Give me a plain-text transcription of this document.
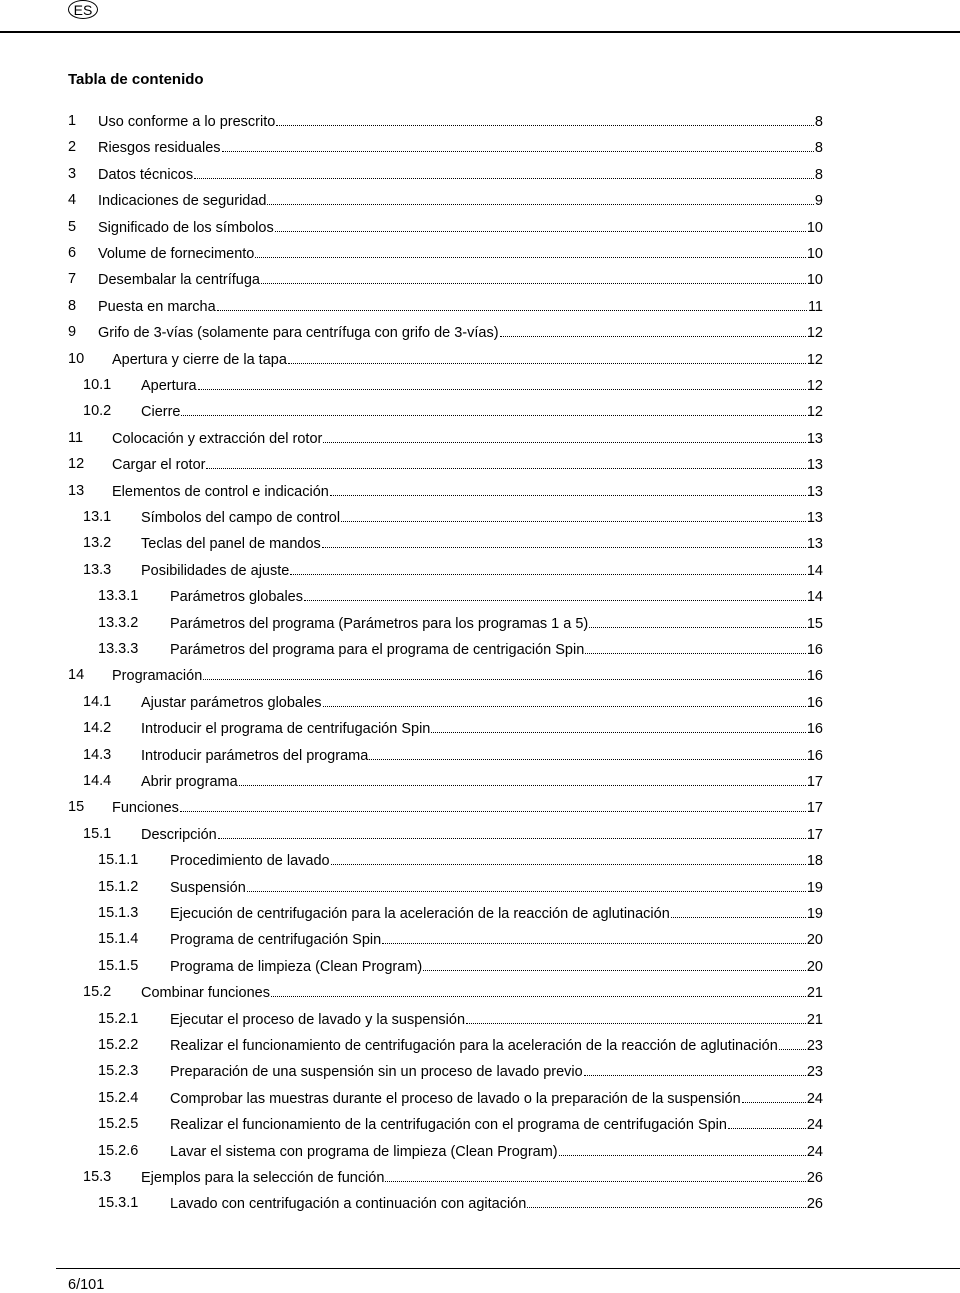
ES
Tabla de contenido
1 Uso conforme a lo prescrito	8
2 Riesgos residuales	8
3 Datos técnicos	8
4 Indicaciones de seguridad	9
5 Significado de los símbolos	10
6 Volume de fornecimento	10
7 Desembalar la centrífuga	10
8 Puesta en marcha	11
9 Grifo de 3-vías (solamente para centrífuga con grifo de 3-vías)	12
10 Apertura y cierre de la tapa	12
10.1 Apertura	12
10.2 Cierre	12
11 Colocación y extracción del rotor	13
12 Cargar el rotor	13
13 Elementos de control e indicación	13
13.1 Símbolos del campo de control	13
13.2 Teclas del panel de mandos	13
13.3 Posibilidades de ajuste	14
13.3.1 Parámetros globales	14
13.3.2 Parámetros del programa (Parámetros para los programas 1 a 5)	15
13.3.3 Parámetros del programa para el programa de centrigación Spin	16
14 Programación	16
14.1 Ajustar parámetros globales	16
14.2 Introducir el programa de centrifugación Spin	16
14.3 Introducir parámetros del programa	16
14.4 Abrir programa	17
15 Funciones	17
15.1 Descripción	17
15.1.1 Procedimiento de lavado	18
15.1.2 Suspensión	19
15.1.3 Ejecución de centrifugación para la aceleración de la reacción de aglutinación	19
15.1.4 Programa de centrifugación Spin	20
15.1.5 Programa de limpieza (Clean Program)	20
15.2 Combinar funciones	21
15.2.1 Ejecutar el proceso de lavado y la suspensión	21
15.2.2 Realizar el funcionamiento de centrifugación para la aceleración de la reacción de aglutinación 23
15.2.3 Preparación de una suspensión sin un proceso de lavado previo	23
15.2.4 Comprobar las muestras durante el proceso de lavado o la preparación de la suspensión	24
15.2.5 Realizar el funcionamiento de la centrifugación con el programa de centrifugación Spin	24
15.2.6 Lavar el sistema con programa de limpieza (Clean Program)	24
15.3 Ejemplos para la selección de función	26
15.3.1 Lavado con centrifugación a continuación con agitación	26
6/101
